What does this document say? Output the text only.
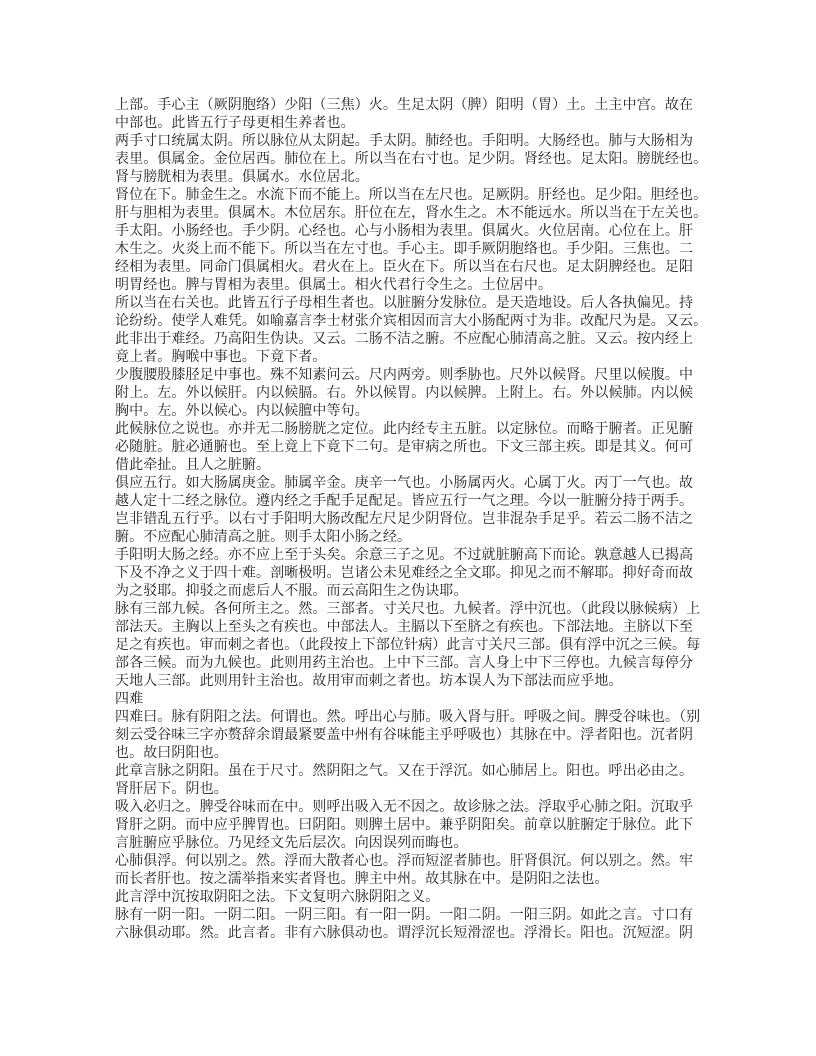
上部。手心主（厥阴胞络）少阳（三焦）火。生足太阴（脾）阳明（胃）土。土主中宫。故在
中部也。此皆五行子母更相生养者也。
两手寸口统属太阴。所以脉位从太阴起。手太阴。肺经也。手阳明。大肠经也。肺与大肠相为
表里。俱属金。金位居西。肺位在上。所以当在右寸也。足少阴。肾经也。足太阳。膀胱经也。
肾与膀胱相为表里。俱属水。水位居北。
肾位在下。肺金生之。水流下而不能上。所以当在左尺也。足厥阴。肝经也。足少阳。胆经也。
肝与胆相为表里。俱属木。木位居东。肝位在左，肾水生之。木不能远水。所以当在于左关也。
手太阳。小肠经也。手少阴。心经也。心与小肠相为表里。俱属火。火位居南。心位在上。肝
木生之。火炎上而不能下。所以当在左寸也。手心主。即手厥阴胞络也。手少阳。三焦也。二
经相为表里。同命门俱属相火。君火在上。臣火在下。所以当在右尺也。足太阴脾经也。足阳
明胃经也。脾与胃相为表里。俱属土。相火代君行令生之。土位居中。
所以当在右关也。此皆五行子母相生者也。以脏腑分发脉位。是天造地设。后人各执偏见。持
论纷纷。使学人难凭。如喻嘉言李士材张介宾相因而言大小肠配两寸为非。改配尺为是。又云。
此非出于难经。乃高阳生伪诀。又云。二肠不洁之腑。不应配心肺清高之脏。又云。按内经上
竟上者。胸喉中事也。下竟下者。
少腹腰股膝胫足中事也。殊不知素问云。尺内两旁。则季胁也。尺外以候肾。尺里以候腹。中
附上。左。外以候肝。内以候膈。右。外以候胃。内以候脾。上附上。右。外以候肺。内以候
胸中。左。外以候心。内以候膻中等句。
此候脉位之说也。亦并无二肠膀胱之定位。此内经专主五脏。以定脉位。而略于腑者。正见腑
必随脏。脏必通腑也。至上竟上下竟下二句。是审病之所也。下文三部主疾。即是其义。何可
借此牵扯。且人之脏腑。
俱应五行。如大肠属庚金。肺属辛金。庚辛一气也。小肠属丙火。心属丁火。丙丁一气也。故
越人定十二经之脉位。遵内经之手配手足配足。皆应五行一气之理。今以一脏腑分持于两手。
岂非错乱五行乎。以右寸手阳明大肠改配左尺足少阴肾位。岂非混杂手足乎。若云二肠不洁之
腑。不应配心肺清高之脏。则手太阳小肠之经。
手阳明大肠之经。亦不应上至于头矣。余意三子之见。不过就脏腑高下而论。孰意越人已揭高
下及不净之义于四十难。剖晰极明。岂诸公未见难经之全文耶。抑见之而不解耶。抑好奇而故
为之驳耶。抑驳之而虑后人不服。而云高阳生之伪诀耶。
脉有三部九候。各何所主之。然。三部者。寸关尺也。九候者。浮中沉也。（此段以脉候病）上
部法天。主胸以上至头之有疾也。中部法人。主膈以下至脐之有疾也。下部法地。主脐以下至
足之有疾也。审而刺之者也。（此段按上下部位针病）此言寸关尺三部。俱有浮中沉之三候。每
部各三候。而为九候也。此则用药主治也。上中下三部。言人身上中下三停也。九候言每停分
天地人三部。此则用针主治也。故用审而刺之者也。坊本误人为下部法而应乎地。
四难
四难曰。脉有阴阳之法。何谓也。然。呼出心与肺。吸入肾与肝。呼吸之间。脾受谷味也。（别
刻云受谷味三字亦赘辞余谓最紧要盖中州有谷味能主乎呼吸也）其脉在中。浮者阳也。沉者阴
也。故曰阴阳也。
此章言脉之阴阳。虽在于尺寸。然阴阳之气。又在于浮沉。如心肺居上。阳也。呼出必由之。
肾肝居下。阴也。
吸入必归之。脾受谷味而在中。则呼出吸入无不因之。故诊脉之法。浮取乎心肺之阳。沉取乎
肾肝之阴。而中应乎脾胃也。曰阴阳。则脾土居中。兼乎阴阳矣。前章以脏腑定于脉位。此下
言脏腑应乎脉位。乃见经文先后层次。向因误列而晦也。
心肺俱浮。何以别之。然。浮而大散者心也。浮而短涩者肺也。肝肾俱沉。何以别之。然。牢
而长者肝也。按之濡举指来实者肾也。脾主中州。故其脉在中。是阴阳之法也。
此言浮中沉按取阴阳之法。下文复明六脉阴阳之义。
脉有一阴一阳。一阴二阳。一阴三阳。有一阳一阴。一阳二阴。一阳三阴。如此之言。寸口有
六脉俱动耶。然。此言者。非有六脉俱动也。谓浮沉长短滑涩也。浮滑长。阳也。沉短涩。阴
